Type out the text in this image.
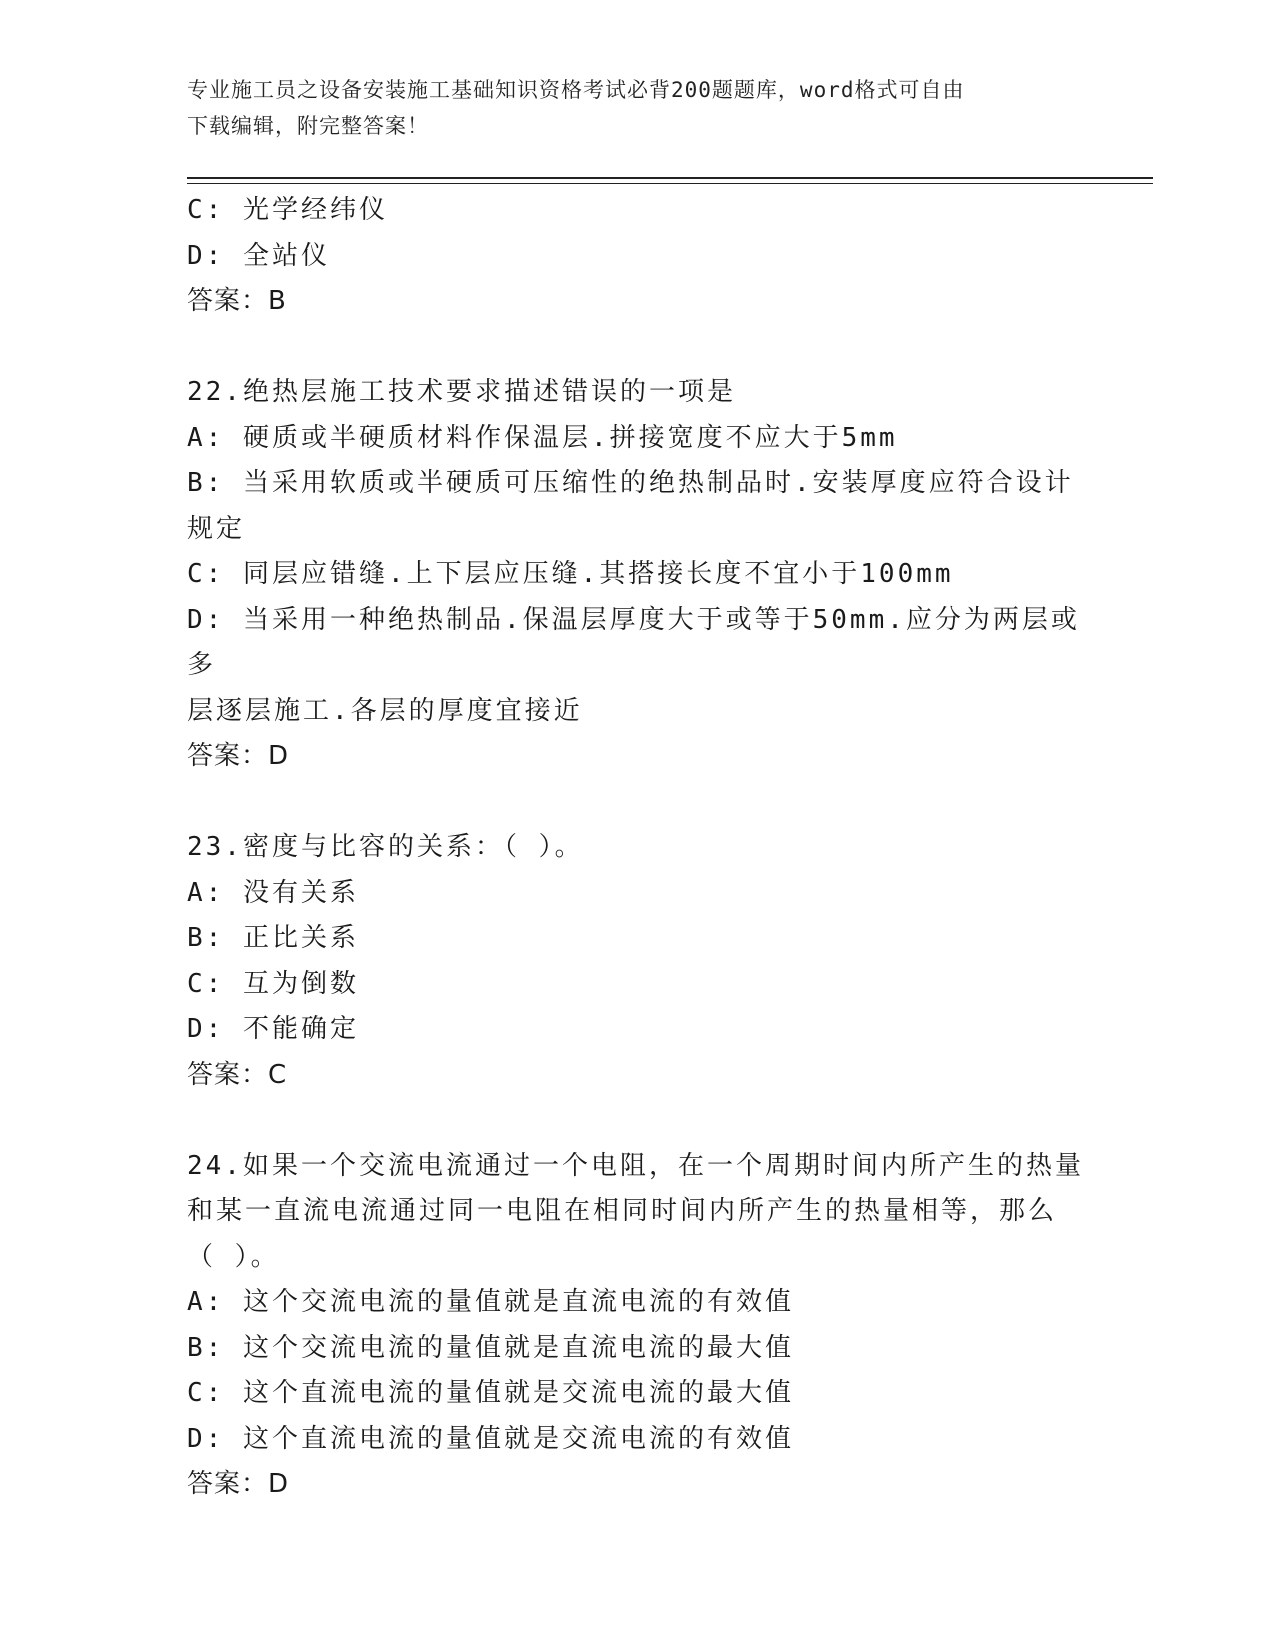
专业施工员之设备安装施工基础知识资格考试必背200题题库，word格式可自由
下载编辑，附完整答案！

C: 光学经纬仪

D: 全站仪

答案：B

22.绝热层施工技术要求描述错误的一项是

A: 硬质或半硬质材料作保温层.拼接宽度不应大于5mm

B: 当采用软质或半硬质可压缩性的绝热制品时.安装厚度应符合设计

规定

C: 同层应错缝.上下层应压缝.其搭接长度不宜小于100mm

D: 当采用一种绝热制品.保温层厚度大于或等于50mm.应分为两层或多

层逐层施工.各层的厚度宜接近

答案：D

23.密度与比容的关系：（ ）。

A: 没有关系

B: 正比关系

C: 互为倒数

D: 不能确定

答案：C

24.如果一个交流电流通过一个电阻，在一个周期时间内所产生的热量

和某一直流电流通过同一电阻在相同时间内所产生的热量相等，那么

（ ）。

A: 这个交流电流的量值就是直流电流的有效值

B: 这个交流电流的量值就是直流电流的最大值

C: 这个直流电流的量值就是交流电流的最大值

D: 这个直流电流的量值就是交流电流的有效值

答案：D
